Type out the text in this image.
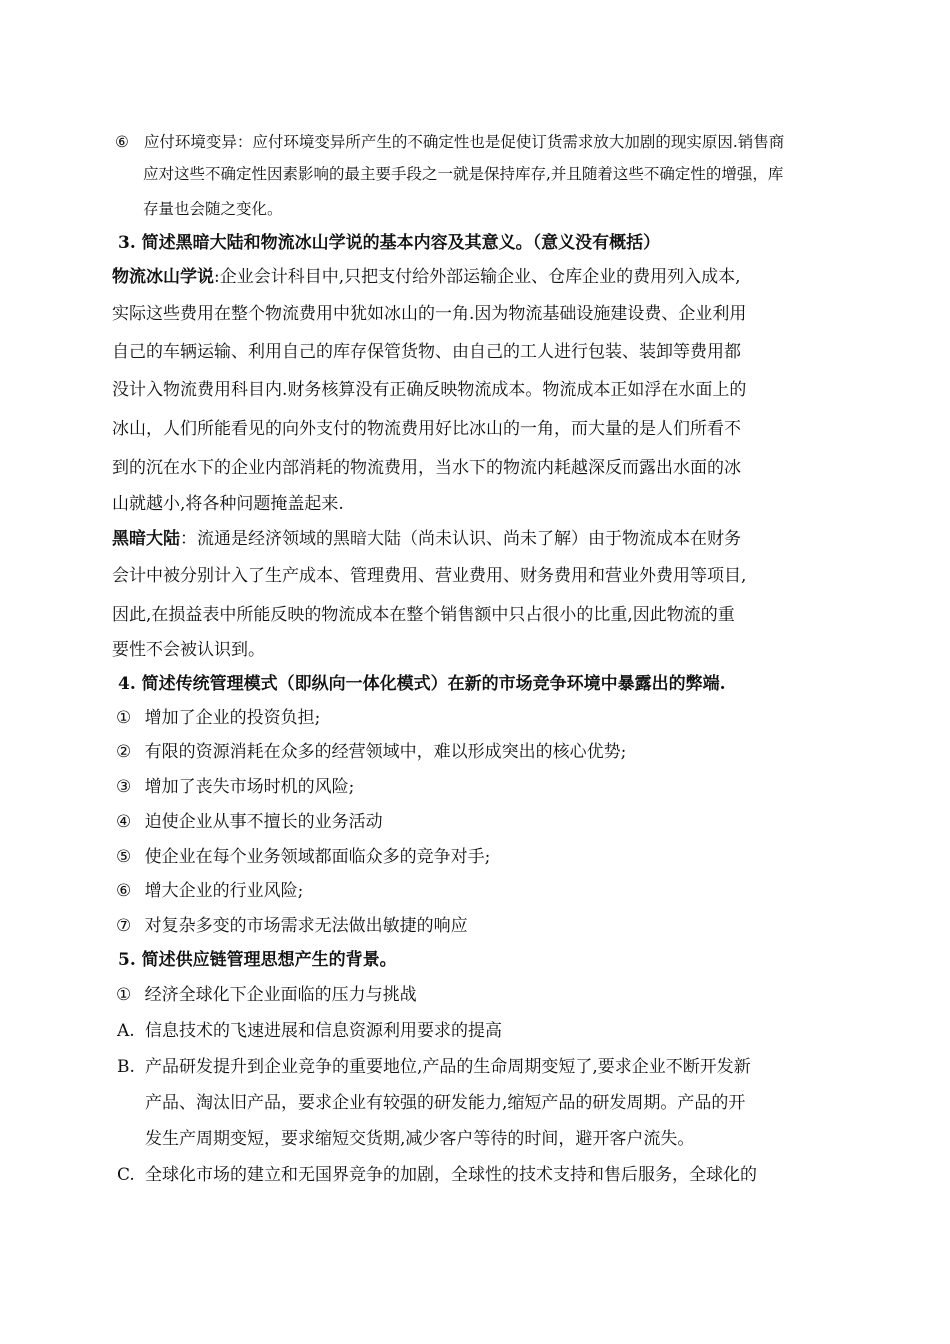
⑥ 应付环境变异：应付环境变异所产生的不确定性也是促使订货需求放大加剧的现实原因.销售商
应对这些不确定性因素影响的最主要手段之一就是保持库存,并且随着这些不确定性的增强，库
存量也会随之变化。
3. 简述黑暗大陆和物流冰山学说的基本内容及其意义。（意义没有概括）
物流冰山学说:企业会计科目中,只把支付给外部运输企业、仓库企业的费用列入成本,
实际这些费用在整个物流费用中犹如冰山的一角.因为物流基础设施建设费、企业利用
自己的车辆运输、利用自己的库存保管货物、由自己的工人进行包装、装卸等费用都
没计入物流费用科目内.财务核算没有正确反映物流成本。物流成本正如浮在水面上的
冰山，人们所能看见的向外支付的物流费用好比冰山的一角，而大量的是人们所看不
到的沉在水下的企业内部消耗的物流费用，当水下的物流内耗越深反而露出水面的冰
山就越小,将各种问题掩盖起来.
黑暗大陆：流通是经济领域的黑暗大陆（尚未认识、尚未了解）由于物流成本在财务
会计中被分别计入了生产成本、管理费用、营业费用、财务费用和营业外费用等项目,
因此,在损益表中所能反映的物流成本在整个销售额中只占很小的比重,因此物流的重
要性不会被认识到。
4. 简述传统管理模式（即纵向一体化模式）在新的市场竞争环境中暴露出的弊端.
① 增加了企业的投资负担;
② 有限的资源消耗在众多的经营领域中，难以形成突出的核心优势;
③ 增加了丧失市场时机的风险;
④ 迫使企业从事不擅长的业务活动
⑤ 使企业在每个业务领域都面临众多的竞争对手;
⑥ 增大企业的行业风险;
⑦ 对复杂多变的市场需求无法做出敏捷的响应
5. 简述供应链管理思想产生的背景。
① 经济全球化下企业面临的压力与挑战
A. 信息技术的飞速进展和信息资源利用要求的提高
B. 产品研发提升到企业竞争的重要地位,产品的生命周期变短了,要求企业不断开发新
产品、淘汰旧产品，要求企业有较强的研发能力,缩短产品的研发周期。产品的开
发生产周期变短，要求缩短交货期,减少客户等待的时间，避开客户流失。
C. 全球化市场的建立和无国界竞争的加剧，全球性的技术支持和售后服务，全球化的
